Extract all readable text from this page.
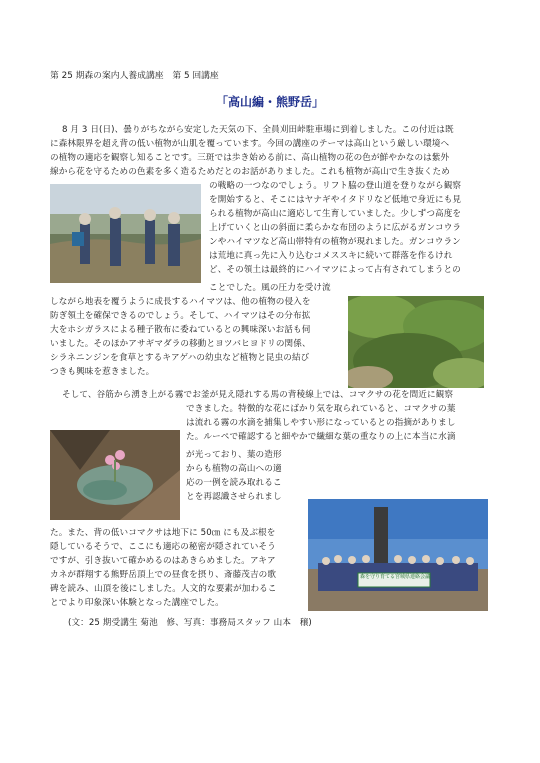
第 25 期森の案内人養成講座　第 5 回講座
「高山編・熊野岳」
8 月 3 日(日)、曇りがちながら安定した天気の下、全員刈田峠駐車場に到着しました。この付近は既
に森林限界を超え背の低い植物が山肌を覆っています。今回の講座のテーマは高山という厳しい環境へ
の植物の適応を観察し知ることです。三斑では歩き始める前に、高山植物の花の色が鮮やかなのは紫外
線から花を守るための色素を多く造るためだとのお話がありました。これも植物が高山で生き抜くため
の戦略の一つなのでしょう。リフト脇の登山道を登りながら観察
を開始すると、そこにはヤナギやイタドリなど低地で身近にも見
られる植物が高山に適応して生育していました。少しずつ高度を
上げていくと山の斜面に柔らかな布団のように広がるガンコウラ
ンやハイマツなど高山帯特有の植物が現れました。ガンコウラン
は荒地に真っ先に入り込むコメススキに続いて群落を作るけれ
ど、その領土は最終的にハイマツによって占有されてしまうとの
ことでした。風の圧力を受け流
しながら地表を覆うように成長するハイマツは、他の植物の侵入を
防ぎ領土を確保できるのでしょう。そして、ハイマツはその分布拡
大をホシガラスによる種子散布に委ねているとの興味深いお話も伺
いました。そのほかアサギマダラの移動とヨツバヒヨドリの関係、
シラネニンジンを食草とするキアゲハの幼虫など植物と昆虫の結び
つきも興味を惹きました。
そして、谷筋から湧き上がる霧でお釜が見え隠れする馬の背稜線上では、コマクサの花を間近に観察
できました。特徴的な花にばかり気を取られていると、コマクサの葉
は流れる霧の水滴を捕集しやすい形になっているとの指摘がありまし
た。ルーペで確認すると細やかで繊細な葉の重なりの上に本当に水滴
が光っており、葉の造形
からも植物の高山への適
応の一例を読み取れるこ
とを再認識させられまし
た。また、背の低いコマクサは地下に 50㎝ にも及ぶ根を
隠しているそうで、ここにも適応の秘密が隠されていそう
ですが、引き抜いて確かめるのはあきらめました。アキア
カネが群翔する熊野岳頂上での昼食を摂り、斎藤茂吉の歌
碑を読み、山頂を後にしました。人文的な要素が加わるこ
とでより印象深い体験となった講座でした。
(文：25 期受講生 菊池　修、写真：事務局スタッフ 山本　穣)
森を守り育てる宮城県連絡会議
